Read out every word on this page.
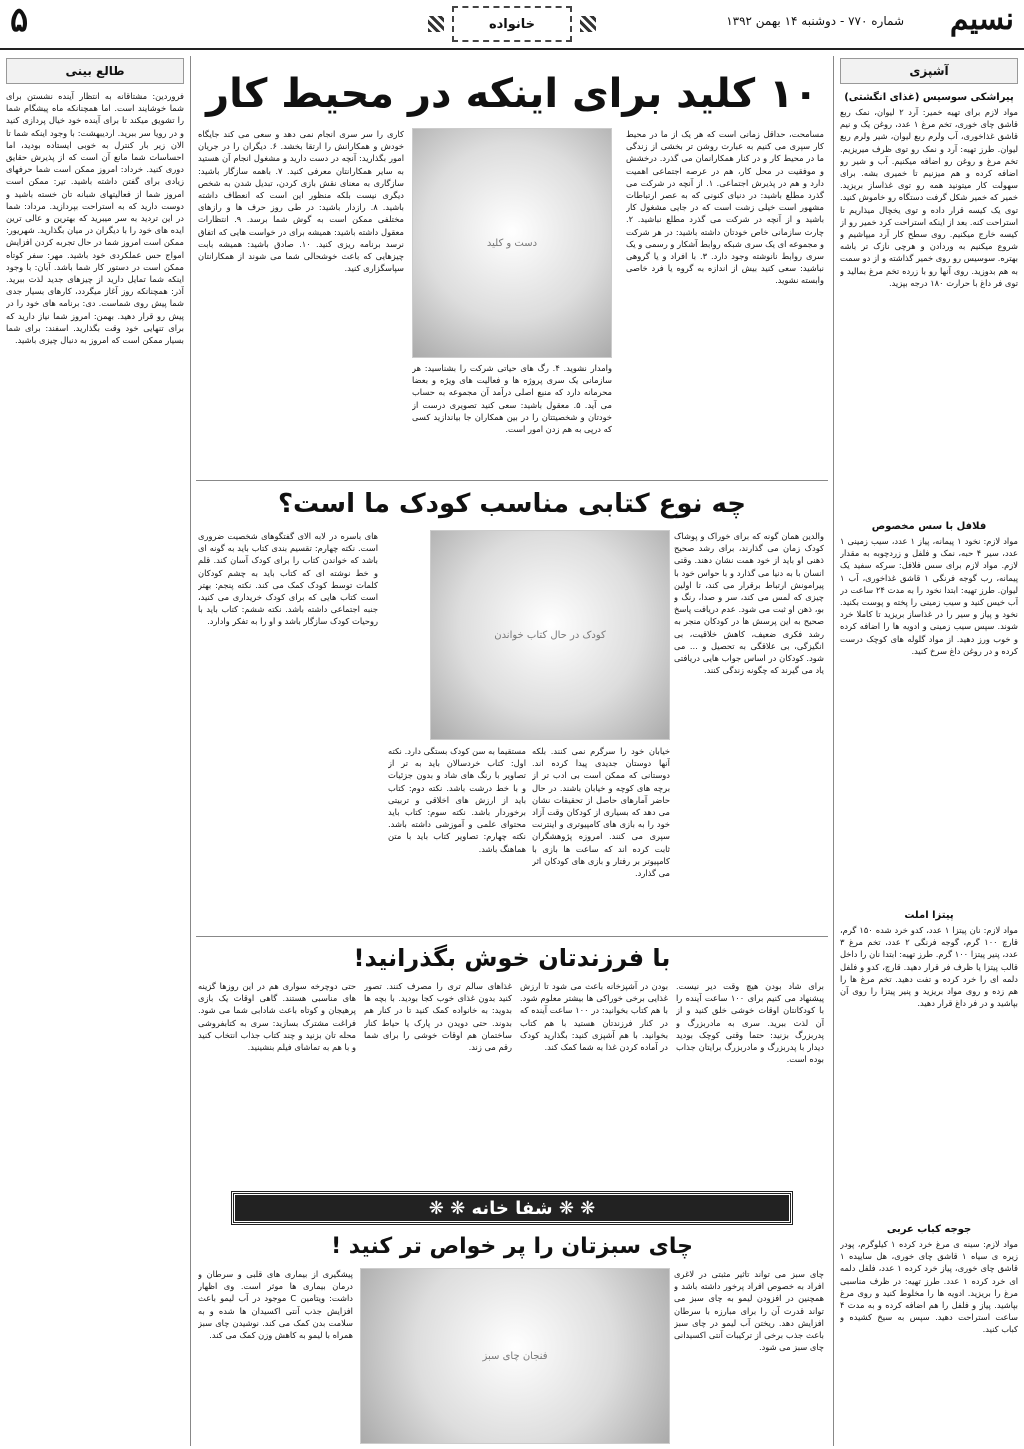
نسیم
شماره ۷۷۰ - دوشنبه ۱۴ بهمن ۱۳۹۲
خانواده
۵
آشپزی
پیراشکی سوسیس (غذای انگشتی)
مواد لازم برای تهیه خمیر: آرد ۲ لیوان، نمک ربع قاشق چای خوری، تخم مرغ ۱ عدد، روغن یک و نیم قاشق غذاخوری، آب ولرم ربع لیوان، شیر ولرم ربع لیوان. طرز تهیه: آرد و نمک رو توی ظرف میریزیم. تخم مرغ و روغن رو اضافه میکنیم. آب و شیر رو اضافه کرده و هم میزنیم تا خمیری بشه. برای سهولت کار میتونید همه رو توی غذاساز بریزید. خمیر که خمیر شکل گرفت دستگاه رو خاموش کنید. توی یک کیسه قرار داده و توی یخچال میذاریم تا استراحت کنه. بعد از اینکه استراحت کرد خمیر رو از کیسه خارج میکنیم. روی سطح کار آرد میپاشیم و شروع میکنیم به وردادن و هرچی نازک تر باشه بهتره. سوسیس رو روی خمیر گذاشته و از دو سمت به هم بدوزید. روی آنها رو با زرده تخم مرغ بمالید و توی فر داغ با حرارت ۱۸۰ درجه بپزید.
فلافل با سس مخصوص
مواد لازم: نخود ۱ پیمانه، پیاز ۱ عدد، سیب زمینی ۱ عدد، سیر ۴ حبه، نمک و فلفل و زردچوبه به مقدار لازم. مواد لازم برای سس فلافل: سرکه سفید یک پیمانه، رب گوجه فرنگی ۱ قاشق غذاخوری، آب ۱ لیوان. طرز تهیه: ابتدا نخود را به مدت ۲۴ ساعت در آب خیس کنید و سیب زمینی را پخته و پوست بکنید. نخود و پیاز و سیر را در غذاساز بریزید تا کاملا خرد شوند. سپس سیب زمینی و ادویه ها را اضافه کرده و خوب ورز دهید. از مواد گلوله های کوچک درست کرده و در روغن داغ سرخ کنید.
پیتزا املت
مواد لازم: نان پیتزا ۱ عدد، کدو خرد شده ۱۵۰ گرم، قارچ ۱۰۰ گرم، گوجه فرنگی ۲ عدد، تخم مرغ ۳ عدد، پنیر پیتزا ۱۰۰ گرم. طرز تهیه: ابتدا نان را داخل قالب پیتزا یا ظرف فر قرار دهید. قارچ، کدو و فلفل دلمه ای را خرد کرده و تفت دهید. تخم مرغ ها را هم زده و روی مواد بریزید و پنیر پیتزا را روی آن بپاشید و در فر داغ قرار دهید.
جوجه کباب عربی
مواد لازم: سینه ی مرغ خرد کرده ۱ کیلوگرم، پودر زیره ی سیاه ۱ قاشق چای خوری، هل ساییده ۱ قاشق چای خوری، پیاز خرد کرده ۱ عدد، فلفل دلمه ای خرد کرده ۱ عدد. طرز تهیه: در ظرف مناسبی مرغ را بریزید. ادویه ها را مخلوط کنید و روی مرغ بپاشید. پیاز و فلفل را هم اضافه کرده و به مدت ۴ ساعت استراحت دهید. سپس به سیخ کشیده و کباب کنید.
طالع بینی
فروردین: مشتاقانه به انتظار آینده نشستن برای شما خوشایند است. اما همچنانکه ماه پیشگام شما را تشویق میکند تا برای آینده خود خیال پردازی کنید و در رویا سر ببرید. اردیبهشت: با وجود اینکه شما تا الان زیر بار کنترل به خوبی ایستاده بودید، اما احساسات شما مانع آن است که از پذیرش حقایق دوری کنید. خرداد: امروز ممکن است شما حرفهای زیادی برای گفتن داشته باشید. تیر: ممکن است امروز شما از فعالیتهای شبانه تان خسته باشید و دوست دارید که به استراحت بپردازید. مرداد: شما در این تردید به سر میبرید که بهترین و عالی ترین ایده های خود را با دیگران در میان بگذارید. شهریور: ممکن است امروز شما در حال تجربه کردن افزایش امواج حس عملکردی خود باشید. مهر: سفر کوتاه ممکن است در دستور کار شما باشد. آبان: با وجود اینکه شما تمایل دارید از چیزهای جدید لذت ببرید. آذر: همچنانکه روز آغاز میگردد، کارهای بسیار جدی شما پیش روی شماست. دی: برنامه های خود را در پیش رو قرار دهید. بهمن: امروز شما نیاز دارید که برای تنهایی خود وقت بگذارید. اسفند: برای شما بسیار ممکن است که امروز به دنبال چیزی باشید.
۱۰ کلید برای اینکه در محیط کار
مسامحت، حداقل زمانی است که هر یک از ما در محیط کار سپری می کنیم به عبارت روشن تر بخشی از زندگی ما در محیط کار و در کنار همکارانمان می گذرد. درخشش و موفقیت در محل کار، هم در عرصه اجتماعی اهمیت دارد و هم در پذیرش اجتماعی. ۱. از آنچه در شرکت می گذرد مطلع باشید: در دنیای کنونی که به عصر ارتباطات مشهور است خیلی زشت است که در جایی مشغول کار باشید و از آنچه در شرکت می گذرد مطلع نباشید. ۲. چارت سازمانی خاص خودتان داشته باشید: در هر شرکت و مجموعه ای یک سری شبکه روابط آشکار و رسمی و یک سری روابط نانوشته وجود دارد. ۳. با افراد و یا گروهی نباشید: سعی کنید بیش از اندازه به گروه یا فرد خاصی وابسته نشوید.
دست و کلید
وامدار نشوید. ۴. رگ های حیاتی شرکت را بشناسید: هر سازمانی یک سری پروژه ها و فعالیت های ویژه و بعضا محرمانه دارد که منبع اصلی درآمد آن مجموعه به حساب می آید. ۵. معقول باشید: سعی کنید تصویری درست از خودتان و شخصیتتان را در بین همکاران جا بیاندازید کسی که درپی به هم زدن امور است.
کاری را سر سری انجام نمی دهد و سعی می کند جایگاه خودش و همکارانش را ارتقا بخشد. ۶. دیگران را در جریان امور بگذارید: آنچه در دست دارید و مشغول انجام آن هستید به سایر همکارانتان معرفی کنید. ۷. باهمه سازگار باشید: سازگاری به معنای نقش بازی کردن، تبدیل شدن به شخص دیگری نیست بلکه منظور این است که انعطاف داشته باشید. ۸. رازدار باشید: در طی روز حرف ها و رازهای مختلفی ممکن است به گوش شما برسد. ۹. انتظارات معقول داشته باشید: همیشه برای در خواست هایی که اتفاق نرسد برنامه ریزی کنید. ۱۰. صادق باشید: همیشه بابت چیزهایی که باعث خوشحالی شما می شوند از همکارانتان سپاسگزاری کنید.
چه نوع کتابی مناسب کودک ما است؟
والدین همان گونه که برای خوراک و پوشاک کودک زمان می گذارند، برای رشد صحیح ذهنی او باید از خود همت نشان دهند. وقتی انسان با به دنیا می گذارد و با حواس خود با پیرامونش ارتباط برقرار می کند، تا اولین چیزی که لمس می کند، سر و صدا، رنگ و بو، ذهن او ثبت می شود. عدم دریافت پاسخ صحیح به این پرسش ها در کودکان منجر به رشد فکری ضعیف، کاهش خلاقیت، بی انگیزگی، بی علاقگی به تحصیل و ... می شود. کودکان در اساس جواب هایی دریافتی یاد می گیرند که چگونه زندگی کنند.
کودک در حال کتاب خواندن
خیابان خود را سرگرم نمی کنند. بلکه آنها دوستان جدیدی پیدا کرده اند. دوستانی که ممکن است بی ادب تر از برچه های کوچه و خیابان باشند. در حال حاضر آمارهای حاصل از تحقیقات نشان می دهد که بسیاری از کودکان وقت آزاد خود را به بازی های کامپیوتری و اینترنت سپری می کنند. امروزه پژوهشگران ثابت کرده اند که ساعت ها بازی با کامپیوتر بر رفتار و بازی های کودکان اثر می گذارد.
مستقیما به سن کودک بستگی دارد. نکته اول: کتاب خردسالان باید به تر از تصاویر با رنگ های شاد و بدون جزئیات و با خط درشت باشد. نکته دوم: کتاب باید از ارزش های اخلاقی و تربیتی برخوردار باشد. نکته سوم: کتاب باید محتوای علمی و آموزشی داشته باشد. نکته چهارم: تصاویر کتاب باید با متن هماهنگ باشد.
های باسره در لابه الای گفتگوهای شخصیت ضروری است. نکته چهارم: تقسیم بندی کتاب باید به گونه ای باشد که خواندن کتاب را برای کودک آسان کند. قلم و خط نوشته ای که کتاب باید به چشم کودکان کلمات توسط کودک کمک می کند. نکته پنجم: بهتر است کتاب هایی که برای کودک خریداری می کنید، جنبه اجتماعی داشته باشد. نکته ششم: کتاب باید با روحیات کودک سازگار باشد و او را به تفکر وادارد.
با فرزندتان خوش بگذرانید!
برای شاد بودن هیچ وقت دیر نیست. پیشنهاد می کنیم برای ۱۰۰ ساعت آینده را با کودکانتان اوقات خوشی خلق کنید و از آن لذت ببرید. سری به مادربزرگ و پدربزرگ بزنید: حتما وقتی کوچک بودید دیدار با پدربزرگ و مادربزرگ برایتان جذاب بوده است.
بودن در آشپزخانه باعث می شود تا ارزش غذایی برخی خوراکی ها بیشتر معلوم شود. با هم کتاب بخوانید: در ۱۰۰ ساعت آینده که در کنار فرزندتان هستید با هم کتاب بخوانید. با هم آشپزی کنید: بگذارید کودک در آماده کردن غذا به شما کمک کند.
غذاهای سالم تری را مصرف کنند. تصور کنید بدون غذای خوب کجا بودید. با بچه ها بدوید: به خانواده کمک کنید تا در کنار هم بدوند. حتی دویدن در پارک یا حیاط کنار ساختمان هم اوقات خوشی را برای شما رقم می زند.
حتی دوچرخه سواری هم در این روزها گزینه های مناسبی هستند. گاهی اوقات یک بازی پرهیجان و کوتاه باعث شادابی شما می شود. فراغت مشترک بسازید: سری به کتابفروشی محله تان بزنید و چند کتاب جذاب انتخاب کنید و با هم به تماشای فیلم بنشینید.
❋ ❋ شفا خانه ❋ ❋
چای سبزتان را پر خواص تر کنید !
چای سبز می تواند تاثیر مثبتی در لاغری افراد به خصوص افراد پرخور داشته باشد و همچنین در افزودن لیمو به چای سبز می تواند قدرت آن را برای مبارزه با سرطان افزایش دهد. ریختن آب لیمو در چای سبز باعث جذب برخی از ترکیبات آنتی اکسیدانی چای سبز می شود.
فنجان چای سبز
پیشگیری از بیماری های قلبی و سرطان و درمان بیماری ها موثر است. وی اظهار داشت: ویتامین C موجود در آب لیمو باعث افزایش جذب آنتی اکسیدان ها شده و به سلامت بدن کمک می کند. نوشیدن چای سبز همراه با لیمو به کاهش وزن کمک می کند.
